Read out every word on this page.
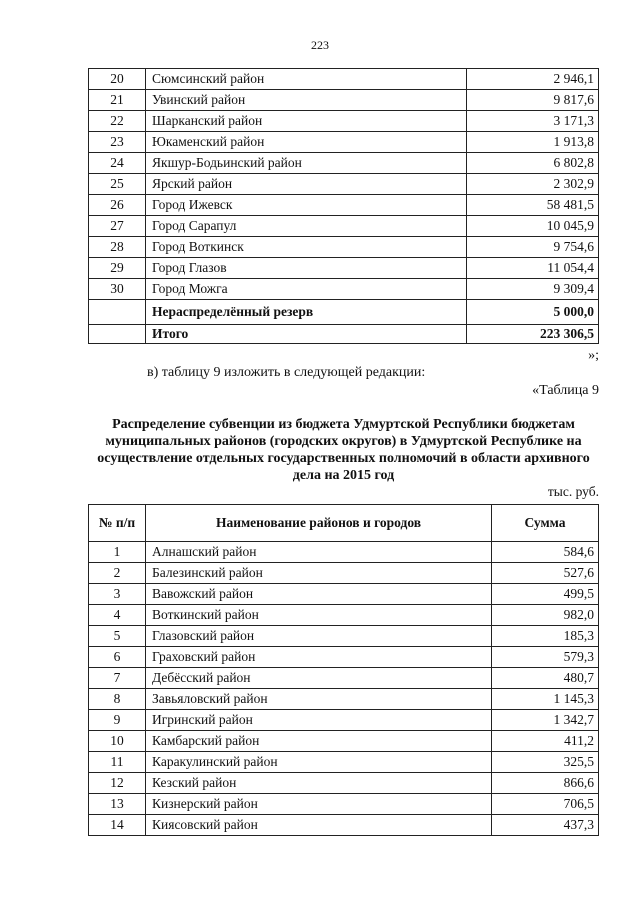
223
20	Сюмсинский район	2 946,1
21	Увинский район	9 817,6
22	Шарканский район	3 171,3
23	Юкаменский район	1 913,8
24	Якшур-Бодьинский район	6 802,8
25	Ярский район	2 302,9
26	Город Ижевск	58 481,5
27	Город Сарапул	10 045,9
28	Город Воткинск	9 754,6
29	Город Глазов	11 054,4
30	Город Можга	9 309,4
	Нераспределённый резерв	5 000,0
	Итого	223 306,5
»;
в) таблицу 9 изложить в следующей редакции:
«Таблица 9
Распределение субвенции из бюджета Удмуртской Республики бюджетам муниципальных районов (городских округов) в Удмуртской Республике на осуществление отдельных государственных полномочий в области архивного дела на 2015 год
тыс. руб.
№ п/п	Наименование районов и городов	Сумма
1	Алнашский район	584,6
2	Балезинский район	527,6
3	Вавожский район	499,5
4	Воткинский район	982,0
5	Глазовский район	185,3
6	Граховский район	579,3
7	Дебёсский район	480,7
8	Завьяловский район	1 145,3
9	Игринский район	1 342,7
10	Камбарский район	411,2
11	Каракулинский район	325,5
12	Кезский район	866,6
13	Кизнерский район	706,5
14	Киясовский район	437,3
